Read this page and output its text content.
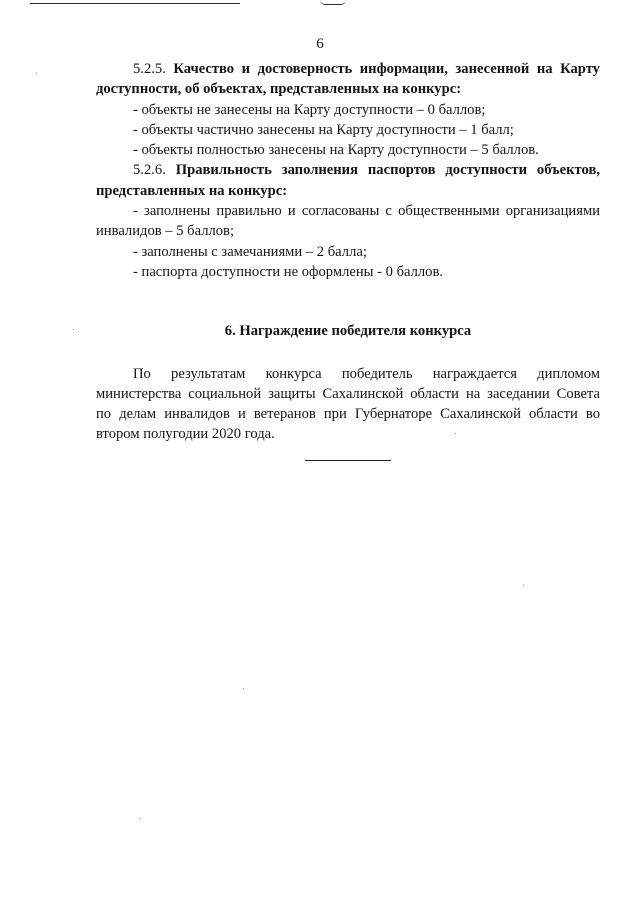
6

5.2.5. Качество и достоверность информации, занесенной на Карту

доступности, об объектах, представленных на конкурс:

- объекты не занесены на Карту доступности – 0 баллов;

- объекты частично занесены на Карту доступности – 1 балл;

- объекты полностью занесены на Карту доступности – 5 баллов.

5.2.6. Правильность заполнения паспортов доступности объектов,

представленных на конкурс:

- заполнены правильно и согласованы с общественными организациями

инвалидов – 5 баллов;

- заполнены с замечаниями – 2 балла;

- паспорта доступности не оформлены - 0 баллов.

6. Награждение победителя конкурса

По результатам конкурса победитель награждается дипломом

министерства социальной защиты Сахалинской области на заседании Совета

по делам инвалидов и ветеранов при Губернаторе Сахалинской области во

втором полугодии 2020 года.
